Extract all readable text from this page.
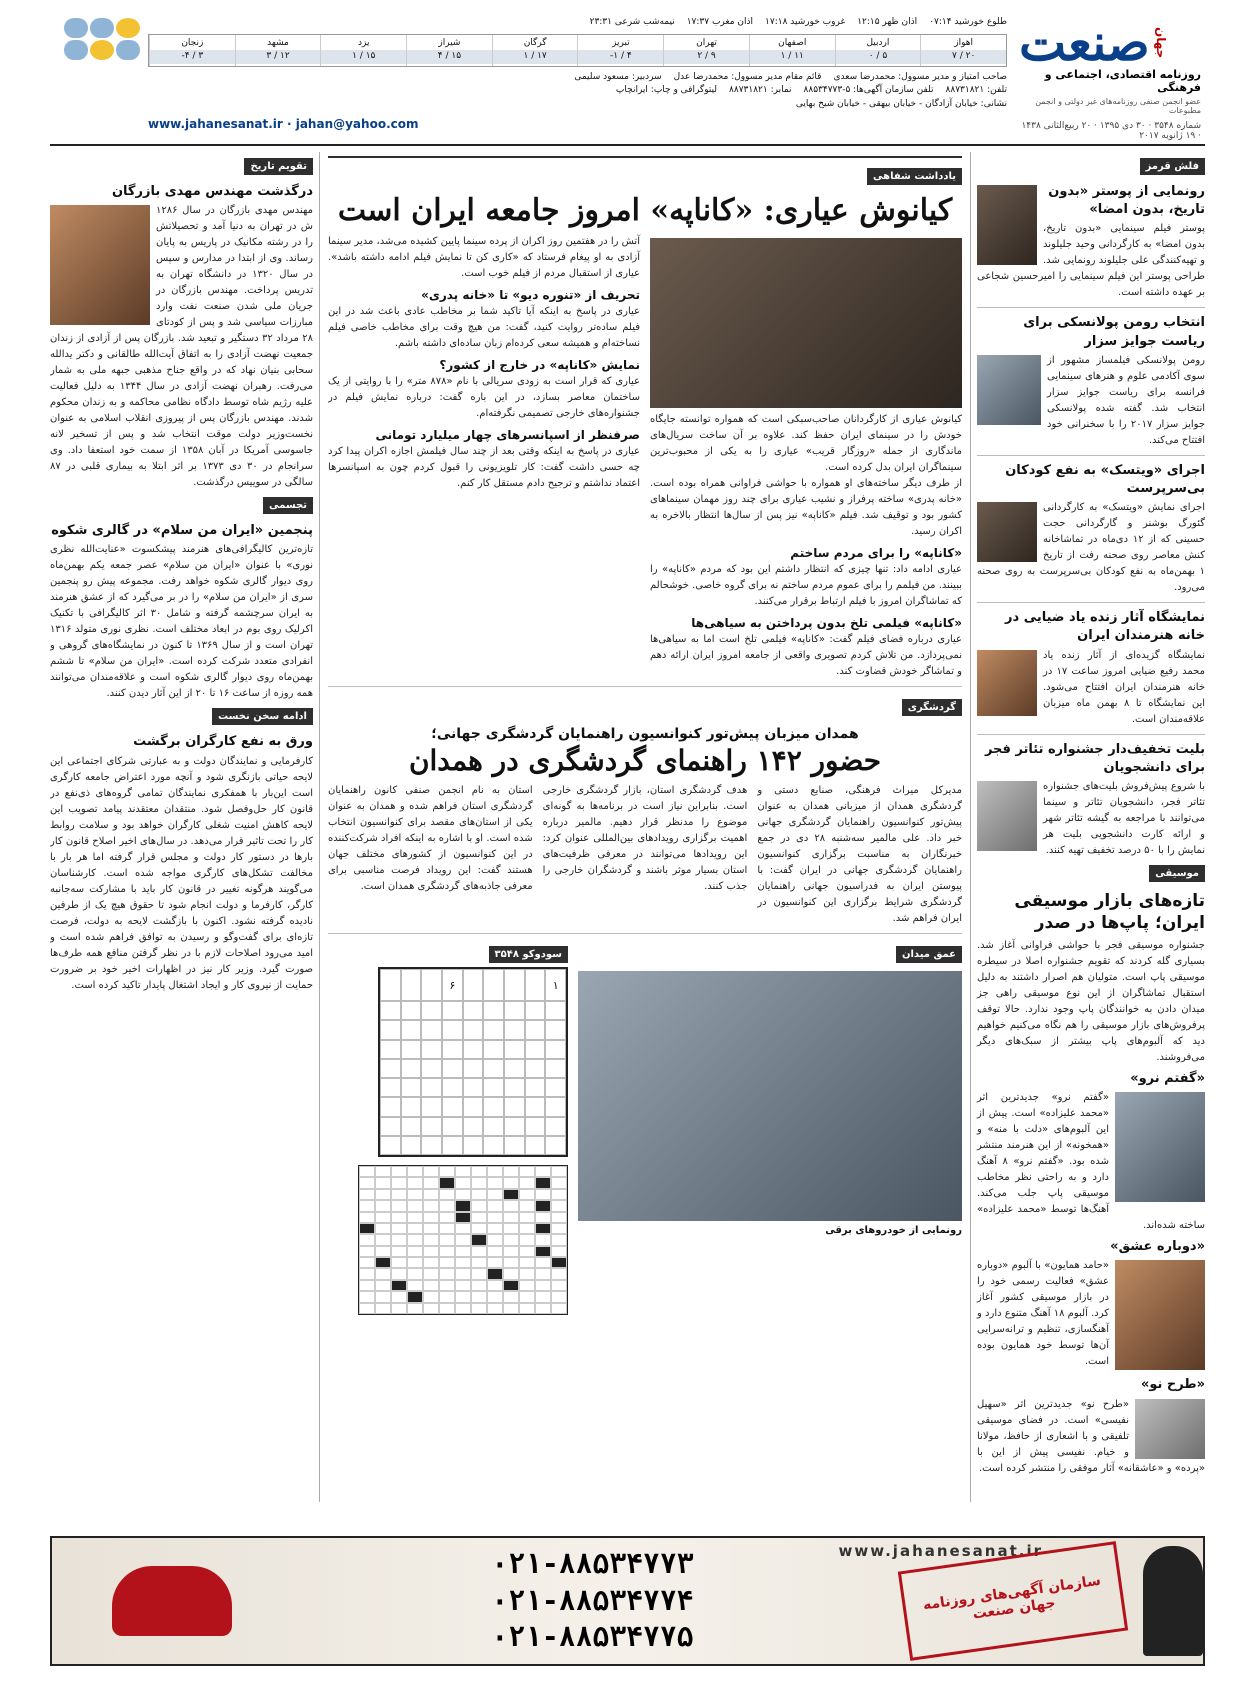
جهان
صنعت
روزنامه اقتصادی، اجتماعی و فرهنگی
عضو انجمن صنفی روزنامه‌های غیر دولتی و انجمن مطبوعات
شماره ۳۵۴۸ · ۳۰ دی ۱۳۹۵ · ۲۰ ربیع‌الثانی ۱۴۳۸ · ۱۹ ژانویه ۲۰۱۷
طلوع خورشید ۰۷:۱۴
اذان ظهر ۱۲:۱۵
غروب خورشید ۱۷:۱۸
اذان مغرب ۱۷:۳۷
نیمه‌شب شرعی ۲۳:۳۱
اهواز
۲۰ / ۷
اردبیل
۵ / ۰
اصفهان
۱۱ / ۱
تهران
۹ / ۲
تبریز
۴ / ۱-
گرگان
۱۷ / ۱
شیراز
۱۵ / ۴
یزد
۱۵ / ۱
مشهد
۱۲ / ۳
زنجان
۳ / ۴-
صاحب امتیاز و مدیر مسوول: محمدرضا سعدی
قائم مقام مدیر مسوول: محمدرضا عدل
سردبیر: مسعود سلیمی
تلفن: ۸۸۷۳۱۸۲۱
تلفن سازمان آگهی‌ها: ۵-۸۸۵۳۴۷۷۳
نمابر: ۸۸۷۳۱۸۲۱
لیتوگرافی و چاپ: ایرانچاپ
نشانی: خیابان آزادگان - خیابان بیهقی - خیابان شیخ بهایی
www.jahanesanat.ir · jahan@yahoo.com
فلش قرمز
رونمایی از پوستر «بدون تاریخ، بدون امضا»
پوستر فیلم سینمایی «بدون تاریخ، بدون امضا» به کارگردانی وحید جلیلوند و تهیه‌کنندگی علی جلیلوند رونمایی شد. طراحی پوستر این فیلم سینمایی را امیرحسین شجاعی بر عهده داشته است.
انتخاب رومن پولانسکی برای ریاست جوایز سزار
رومن پولانسکی فیلمساز مشهور از سوی آکادمی علوم و هنرهای سینمایی فرانسه برای ریاست جوایز سزار انتخاب شد. گفته شده پولانسکی جوایز سزار ۲۰۱۷ را با سخنرانی خود افتتاح می‌کند.
اجرای «ویتسک» به نفع کودکان بی‌سرپرست
اجرای نمایش «ویتسک» به کارگردانی گئورگ بوشنر و گارگردانی حجت حسینی که از ۱۲ دی‌ماه در تماشاخانه کنش معاصر روی صحنه رفت از تاریخ ۱ بهمن‌ماه به نفع کودکان بی‌سرپرست به روی صحنه می‌رود.
نمایشگاه آثار زنده یاد ضیایی در خانه هنرمندان ایران
نمایشگاه گزیده‌ای از آثار زنده یاد محمد رفیع ضیایی امروز ساعت ۱۷ در خانه هنرمندان ایران افتتاح می‌شود. این نمایشگاه تا ۸ بهمن ماه میزبان علاقه‌مندان است.
بلیت تخفیف‌دار جشنواره تئاتر فجر برای دانشجویان
با شروع پیش‌فروش بلیت‌های جشنواره تئاتر فجر، دانشجویان تئاتر و سینما می‌توانند با مراجعه به گیشه تئاتر شهر و ارائه کارت دانشجویی بلیت هر نمایش را با ۵۰ درصد تخفیف تهیه کنند.
موسیقی
تازه‌های بازار موسیقی ایران؛ پاپ‌ها در صدر
جشنواره موسیقی فجر با حواشی فراوانی آغاز شد. بسیاری گله کردند که تقویم جشنواره اصلا در سیطره موسیقی پاپ است. متولیان هم اصرار داشتند به دلیل استقبال تماشاگران از این نوع موسیقی راهی جز میدان دادن به خوانندگان پاپ وجود ندارد. حالا توقف پرفروش‌های بازار موسیقی را هم نگاه می‌کنیم خواهیم دید که آلبوم‌های پاپ بیشتر از سبک‌های دیگر می‌فروشند.
«گفتم نرو»
«گفتم نرو» جدیدترین اثر «محمد علیزاده» است. پیش از این آلبوم‌های «دلت با منه» و «همخونه» از این هنرمند منتشر شده بود. «گفتم نرو» ۸ آهنگ دارد و به راحتی نظر مخاطب موسیقی پاپ جلب می‌کند. آهنگ‌ها توسط «محمد علیزاده» ساخته شده‌اند.
«دوباره عشق»
«حامد همایون» با آلبوم «دوباره عشق» فعالیت رسمی خود را در بازار موسیقی کشور آغاز کرد. آلبوم ۱۸ آهنگ متنوع دارد و آهنگسازی، تنظیم و ترانه‌سرایی آن‌ها توسط خود همایون بوده است.
«طرح نو»
«طرح نو» جدیدترین اثر «سهیل نفیسی» است. در فضای موسیقی تلفیقی و با اشعاری از حافظ، مولانا و خیام. نفیسی پیش از این با «پرده» و «عاشقانه» آثار موفقی را منتشر کرده است.
یادداشت شفاهی
کیانوش عیاری: «کاناپه» امروز جامعه ایران است
کیانوش عیاری از کارگردانان صاحب‌سبکی است که همواره توانسته جایگاه خودش را در سینمای ایران حفظ کند. علاوه بر آن ساخت سریال‌های ماندگاری از جمله «روزگار قریب» عیاری را به یکی از محبوب‌ترین سینماگران ایران بدل کرده است.
از طرف دیگر ساخته‌های او همواره با حواشی فراوانی همراه بوده است. «خانه پدری» ساخته پرفراز و نشیب عیاری برای چند روز مهمان سینماهای کشور بود و توقیف شد. فیلم «کاناپه» نیز پس از سال‌ها انتظار بالاخره به اکران رسید.
«کاناپه» را برای مردم ساختم
عیاری ادامه داد: تنها چیزی که انتظار داشتم این بود که مردم «کاناپه» را ببینند. من فیلمم را برای عموم مردم ساختم نه برای گروه خاصی. خوشحالم که تماشاگران امروز با فیلم ارتباط برقرار می‌کنند.
«کاناپه» فیلمی تلخ بدون پرداختن به سیاهی‌ها
عیاری درباره فضای فیلم گفت: «کاناپه» فیلمی تلخ است اما به سیاهی‌ها نمی‌پردازد. من تلاش کردم تصویری واقعی از جامعه امروز ایران ارائه دهم و تماشاگر خودش قضاوت کند.
آتش را در هفتمین روز اکران از پرده سینما پایین کشیده می‌شد، مدیر سینما آزادی به او پیغام فرستاد که «کاری کن تا نمایش فیلم ادامه داشته باشد». عیاری از استقبال مردم از فیلم خوب است.
تحریف از «تنوره دیو» تا «خانه پدری»
عیاری در پاسخ به اینکه آیا تاکید شما بر مخاطب عادی باعث شد در این فیلم ساده‌تر روایت کنید، گفت: من هیچ وقت برای مخاطب خاصی فیلم نساخته‌ام و همیشه سعی کرده‌ام زبان ساده‌ای داشته باشم.
نمایش «کاناپه» در خارج از کشور؟
عیاری که قرار است به زودی سریالی با نام «۸۷۸ متر» را با روایتی از یک ساختمان معاصر بسازد، در این باره گفت: درباره نمایش فیلم در جشنواره‌های خارجی تصمیمی نگرفته‌ام.
صرفنظر از اسپانسرهای چهار میلیارد تومانی
عیاری در پاسخ به اینکه وقتی بعد از چند سال فیلمش اجازه اکران پیدا کرد چه حسی داشت گفت: کار تلویزیونی را قبول کردم چون به اسپانسرها اعتماد نداشتم و ترجیح دادم مستقل کار کنم.
گردشگری
همدان میزبان پیش‌تور کنوانسیون راهنمایان گردشگری جهانی؛
حضور ۱۴۲ راهنمای گردشگری در همدان
مدیرکل میراث فرهنگی، صنایع دستی و گردشگری همدان از میزبانی همدان به عنوان پیش‌تور کنوانسیون راهنمایان گردشگری جهانی خبر داد. علی مالمیر سه‌شنبه ۲۸ دی در جمع خبرنگاران به مناسبت برگزاری کنوانسیون راهنمایان گردشگری جهانی در ایران گفت: با پیوستن ایران به فدراسیون جهانی راهنمایان گردشگری شرایط برگزاری این کنوانسیون در ایران فراهم شد.
هدف گردشگری استان، بازار گردشگری خارجی است. بنابراین نیاز است در برنامه‌ها به گونه‌ای موضوع را مدنظر قرار دهیم. مالمیر درباره اهمیت برگزاری رویدادهای بین‌المللی عنوان کرد: این رویدادها می‌توانند در معرفی ظرفیت‌های استان بسیار موثر باشند و گردشگران خارجی را جذب کنند.
استان به نام انجمن صنفی کانون راهنمایان گردشگری استان فراهم شده و همدان به عنوان یکی از استان‌های مقصد برای کنوانسیون انتخاب شده است. او با اشاره به اینکه افراد شرکت‌کننده در این کنوانسیون از کشورهای مختلف جهان هستند گفت: این رویداد فرصت مناسبی برای معرفی جاذبه‌های گردشگری همدان است.
عمق میدان
رونمایی از خودروهای برقی
سودوکو ۳۵۴۸
۱
۶
تقویم تاریخ
درگذشت مهندس مهدی بازرگان
مهندس مهدی بازرگان در سال ۱۲۸۶ ش در تهران به دنیا آمد و تحصیلاتش را در رشته مکانیک در پاریس به پایان رساند. وی از ابتدا در مدارس و سپس در سال ۱۳۲۰ در دانشگاه تهران به تدریس پرداخت. مهندس بازرگان در جریان ملی شدن صنعت نفت وارد مبارزات سیاسی شد و پس از کودتای ۲۸ مرداد ۳۲ دستگیر و تبعید شد. بازرگان پس از آزادی از زندان جمعیت نهضت آزادی را به اتفاق آیت‌الله طالقانی و دکتر یدالله سحابی بنیان نهاد که در واقع جناح مذهبی جبهه ملی به شمار می‌رفت. رهبران نهضت آزادی در سال ۱۳۴۴ به دلیل فعالیت علیه رژیم شاه توسط دادگاه نظامی محاکمه و به زندان محکوم شدند. مهندس بازرگان پس از پیروزی انقلاب اسلامی به عنوان نخست‌وزیر دولت موقت انتخاب شد و پس از تسخیر لانه جاسوسی آمریکا در آبان ۱۳۵۸ از سمت خود استعفا داد. وی سرانجام در ۳۰ دی ۱۳۷۳ بر اثر ابتلا به بیماری قلبی در ۸۷ سالگی در سوییس درگذشت.
تجسمی
پنجمین «ایران من سلام» در گالری شکوه
تازه‌ترین کالیگرافی‌های هنرمند پیشکسوت «عنایت‌الله نظری نوری» با عنوان «ایران من سلام» عصر جمعه یکم بهمن‌ماه روی دیوار گالری شکوه خواهد رفت. مجموعه پیش رو پنجمین سری از «ایران من سلام» را در بر می‌گیرد که از عشق هنرمند به ایران سرچشمه گرفته و شامل ۳۰ اثر کالیگرافی با تکنیک اکرلیک روی بوم در ابعاد مختلف است. نظری نوری متولد ۱۳۱۶ تهران است و از سال ۱۳۶۹ تا کنون در نمایشگاه‌های گروهی و انفرادی متعدد شرکت کرده است. «ایران من سلام» تا ششم بهمن‌ماه روی دیوار گالری شکوه است و علاقه‌مندان می‌توانند همه روزه از ساعت ۱۶ تا ۲۰ از این آثار دیدن کنند.
ادامه سخن نخست
ورق به نفع کارگران برگشت
کارفرمایی و نمایندگان دولت و به عبارتی شرکای اجتماعی این لایحه حیاتی بازنگری شود و آنچه مورد اعتراض جامعه کارگری است این‌بار با همفکری نمایندگان تمامی گروه‌های ذی‌نفع در قانون کار حل‌وفصل شود. منتقدان معتقدند پیامد تصویب این لایحه کاهش امنیت شغلی کارگران خواهد بود و سلامت روابط کار را تحت تاثیر قرار می‌دهد. در سال‌های اخیر اصلاح قانون کار بارها در دستور کار دولت و مجلس قرار گرفته اما هر بار با مخالفت تشکل‌های کارگری مواجه شده است. کارشناسان می‌گویند هرگونه تغییر در قانون کار باید با مشارکت سه‌جانبه کارگر، کارفرما و دولت انجام شود تا حقوق هیچ یک از طرفین نادیده گرفته نشود. اکنون با بازگشت لایحه به دولت، فرصت تازه‌ای برای گفت‌وگو و رسیدن به توافق فراهم شده است و امید می‌رود اصلاحات لازم با در نظر گرفتن منافع همه طرف‌ها صورت گیرد. وزیر کار نیز در اظهارات اخیر خود بر ضرورت حمایت از نیروی کار و ایجاد اشتغال پایدار تاکید کرده است.
www.jahanesanat.ir
سازمان آگهی‌های روزنامه جهان صنعت
۰۲۱-۸۸۵۳۴۷۷۳
۰۲۱-۸۸۵۳۴۷۷۴
۰۲۱-۸۸۵۳۴۷۷۵
